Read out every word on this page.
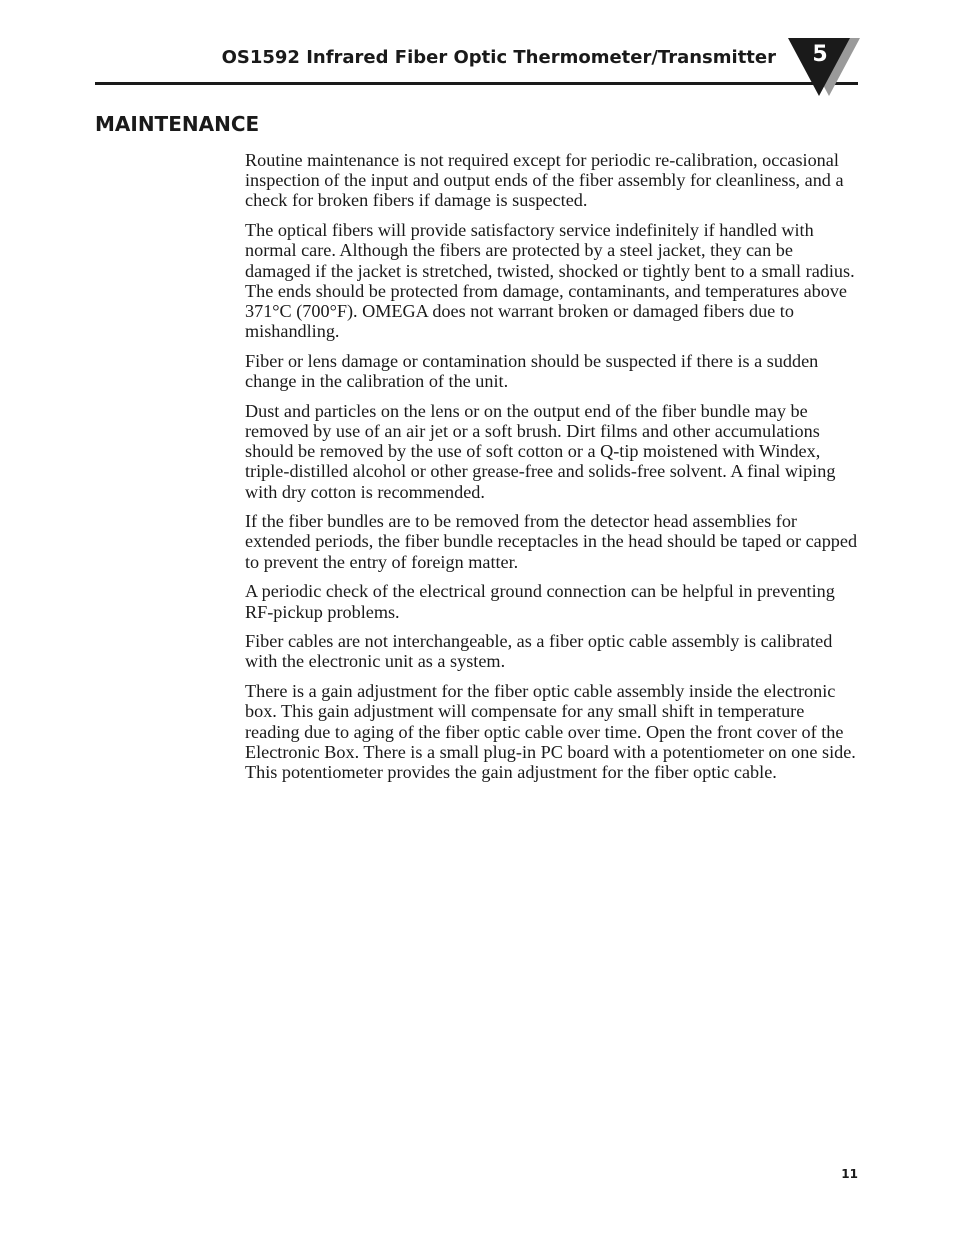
OS1592 Infrared Fiber Optic Thermometer/Transmitter	5
MAINTENANCE

Routine maintenance is not required except for periodic re-calibration, occasional inspection of the input and output ends of the fiber assembly for cleanliness, and a check for broken fibers if damage is suspected.

The optical fibers will provide satisfactory service indefinitely if handled with normal care. Although the fibers are protected by a steel jacket, they can be damaged if the jacket is stretched, twisted, shocked or tightly bent to a small radius. The ends should be protected from damage, contaminants, and temperatures above 371°C (700°F). OMEGA does not warrant broken or damaged fibers due to mishandling.

Fiber or lens damage or contamination should be suspected if there is a sudden change in the calibration of the unit.

Dust and particles on the lens or on the output end of the fiber bundle may be removed by use of an air jet or a soft brush. Dirt films and other accumulations should be removed by the use of soft cotton or a Q-tip moistened with Windex, triple-distilled alcohol or other grease-free and solids-free solvent. A final wiping with dry cotton is recommended.

If the fiber bundles are to be removed from the detector head assemblies for extended periods, the fiber bundle receptacles in the head should be taped or capped to prevent the entry of foreign matter.

A periodic check of the electrical ground connection can be helpful in preventing RF-pickup problems.

Fiber cables are not interchangeable, as a fiber optic cable assembly is calibrated with the electronic unit as a system.

There is a gain adjustment for the fiber optic cable assembly inside the electronic box. This gain adjustment will compensate for any small shift in temperature reading due to aging of the fiber optic cable over time. Open the front cover of the Electronic Box. There is a small plug-in PC board with a potentiometer on one side. This potentiometer provides the gain adjustment for the fiber optic cable.

11
